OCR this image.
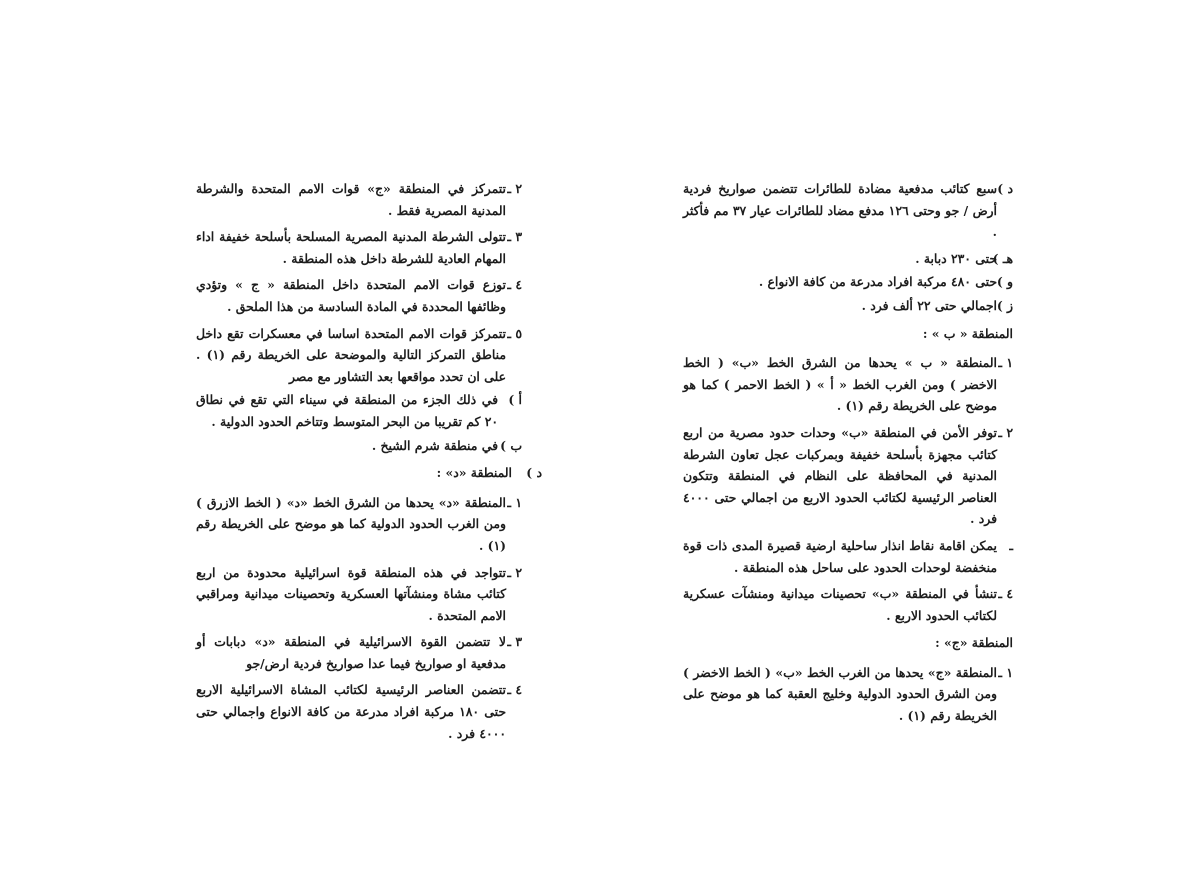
د )
سبع كتائب مدفعية مضادة للطائرات تتضمن صواريخ فردية أرض / جو وحتى ١٢٦ مدفع مضاد للطائرات عيار ٣٧ مم فأكثر .

هـ )
حتى ٢٣٠ دبابة .

و )
حتى ٤٨٠ مركبة افراد مدرعة من كافة الانواع .

ز )
اجمالي حتى ٢٢ ألف فرد .

المنطقة « ب » :

١ ـ
المنطقة « ب » يحدها من الشرق الخط «ب» ( الخط الاخضر ) ومن الغرب الخط « أ » ( الخط الاحمر ) كما هو موضح على الخريطة رقم (١) .

٢ ـ
توفر الأمن في المنطقة «ب» وحدات حدود مصرية من اربع كتائب مجهزة بأسلحة خفيفة وبمركبات عجل تعاون الشرطة المدنية في المحافظة على النظام في المنطقة وتتكون العناصر الرئيسية لكتائب الحدود الاربع من اجمالي حتى ٤٠٠٠ فرد .

ـ
يمكن اقامة نقاط انذار ساحلية ارضية قصيرة المدى ذات قوة منخفضة لوحدات الحدود على ساحل هذه المنطقة .

٤ ـ
تنشأ في المنطقة «ب» تحصينات ميدانية ومنشآت عسكرية لكتائب الحدود الاربع .

المنطقة «ج» :

١ ـ
المنطقة «ج» يحدها من الغرب الخط «ب» ( الخط الاخضر ) ومن الشرق الحدود الدولية وخليج العقبة كما هو موضح على الخريطة رقم (١) .

٢ ـ
تتمركز في المنطقة «ج» قوات الامم المتحدة والشرطة المدنية المصرية فقط .

٣ ـ
تتولى الشرطة المدنية المصرية المسلحة بأسلحة خفيفة اداء المهام العادية للشرطة داخل هذه المنطقة .

٤ ـ
توزع قوات الامم المتحدة داخل المنطقة « ج » وتؤدي وظائفها المحددة في المادة السادسة من هذا الملحق .

٥ ـ
تتمركز قوات الامم المتحدة اساسا في معسكرات تقع داخل مناطق التمركز التالية والموضحة على الخريطة رقم (١) . على ان تحدد مواقعها بعد التشاور مع مصر

أ )
في ذلك الجزء من المنطقة في سيناء التي تقع في نطاق ٢٠ كم تقريبا من البحر المتوسط وتتاخم الحدود الدولية .

ب )
في منطقة شرم الشيخ .

د )
المنطقة «د» :

١ ـ
المنطقة «د» يحدها من الشرق الخط «د» ( الخط الازرق ) ومن الغرب الحدود الدولية كما هو موضح على الخريطة رقم (١) .

٢ ـ
تتواجد في هذه المنطقة قوة اسرائيلية محدودة من اربع كتائب مشاة ومنشآتها العسكرية وتحصينات ميدانية ومراقبي الامم المتحدة .

٣ ـ
لا تتضمن القوة الاسرائيلية في المنطقة «د» دبابات أو مدفعية او صواريخ فيما عدا صواريخ فردية ارض/جو

٤ ـ
تتضمن العناصر الرئيسية لكتائب المشاة الاسرائيلية الاربع حتى ١٨٠ مركبة افراد مدرعة من كافة الانواع واجمالي حتى ٤٠٠٠ فرد .
